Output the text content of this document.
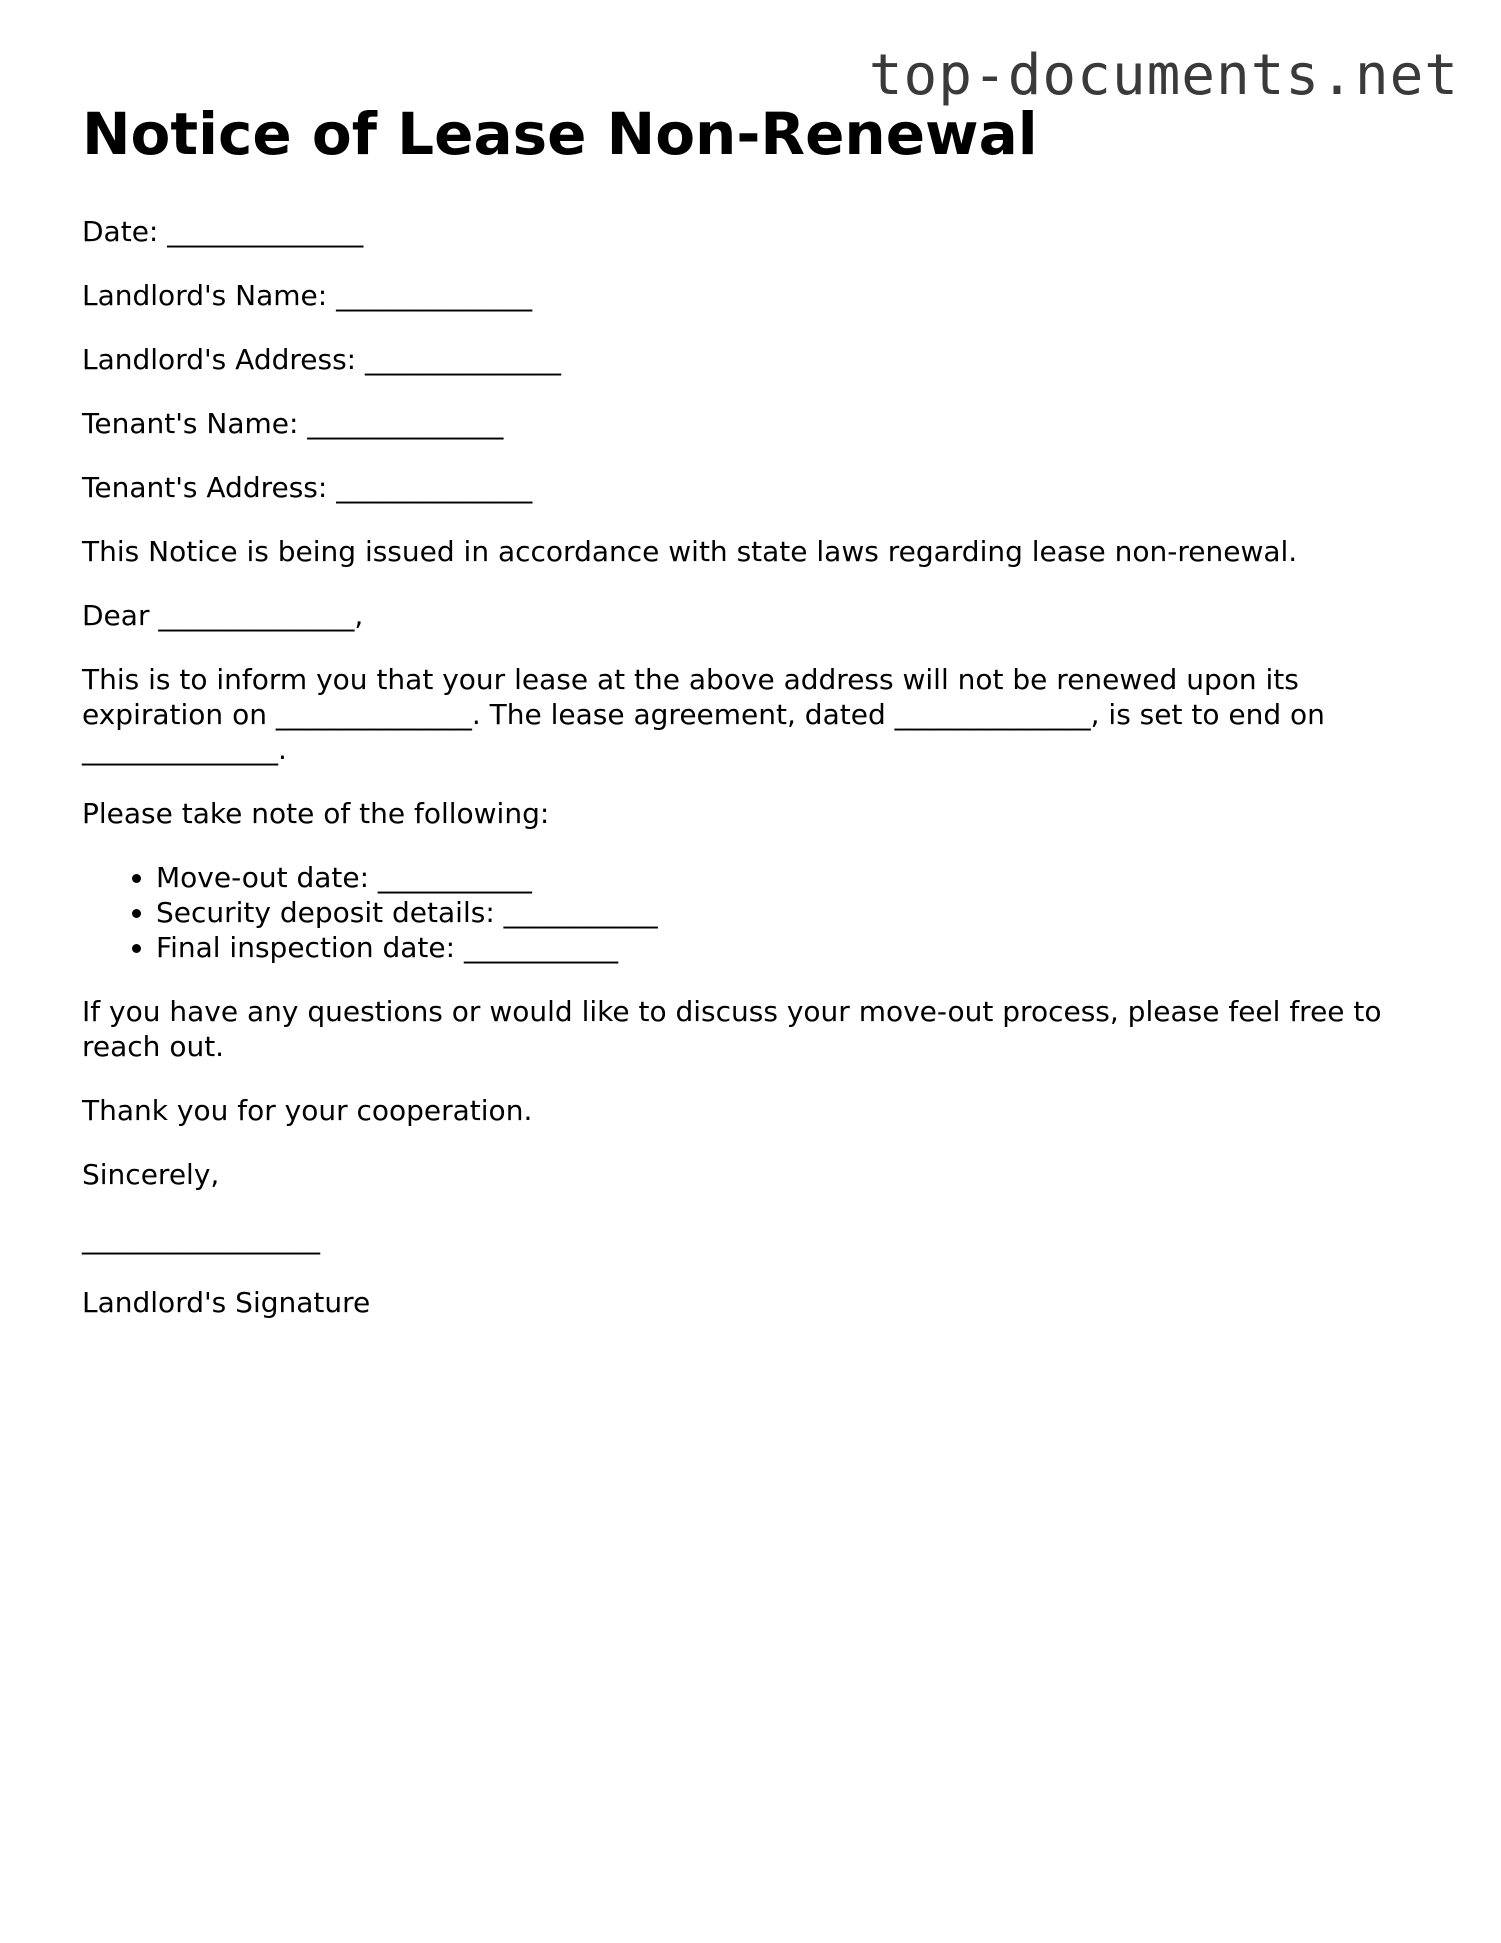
top-documents.net
Notice of Lease Non-Renewal

Date: ______________

Landlord's Name: ______________

Landlord's Address: ______________

Tenant's Name: ______________

Tenant's Address: ______________

This Notice is being issued in accordance with state laws regarding lease non-renewal.

Dear ______________,

This is to inform you that your lease at the above address will not be renewed upon its expiration on ______________. The lease agreement, dated ______________, is set to end on ______________.

Please take note of the following:

• Move-out date: ___________
• Security deposit details: ___________
• Final inspection date: ___________

If you have any questions or would like to discuss your move-out process, please feel free to reach out.

Thank you for your cooperation.

Sincerely,

_________________

Landlord's Signature
